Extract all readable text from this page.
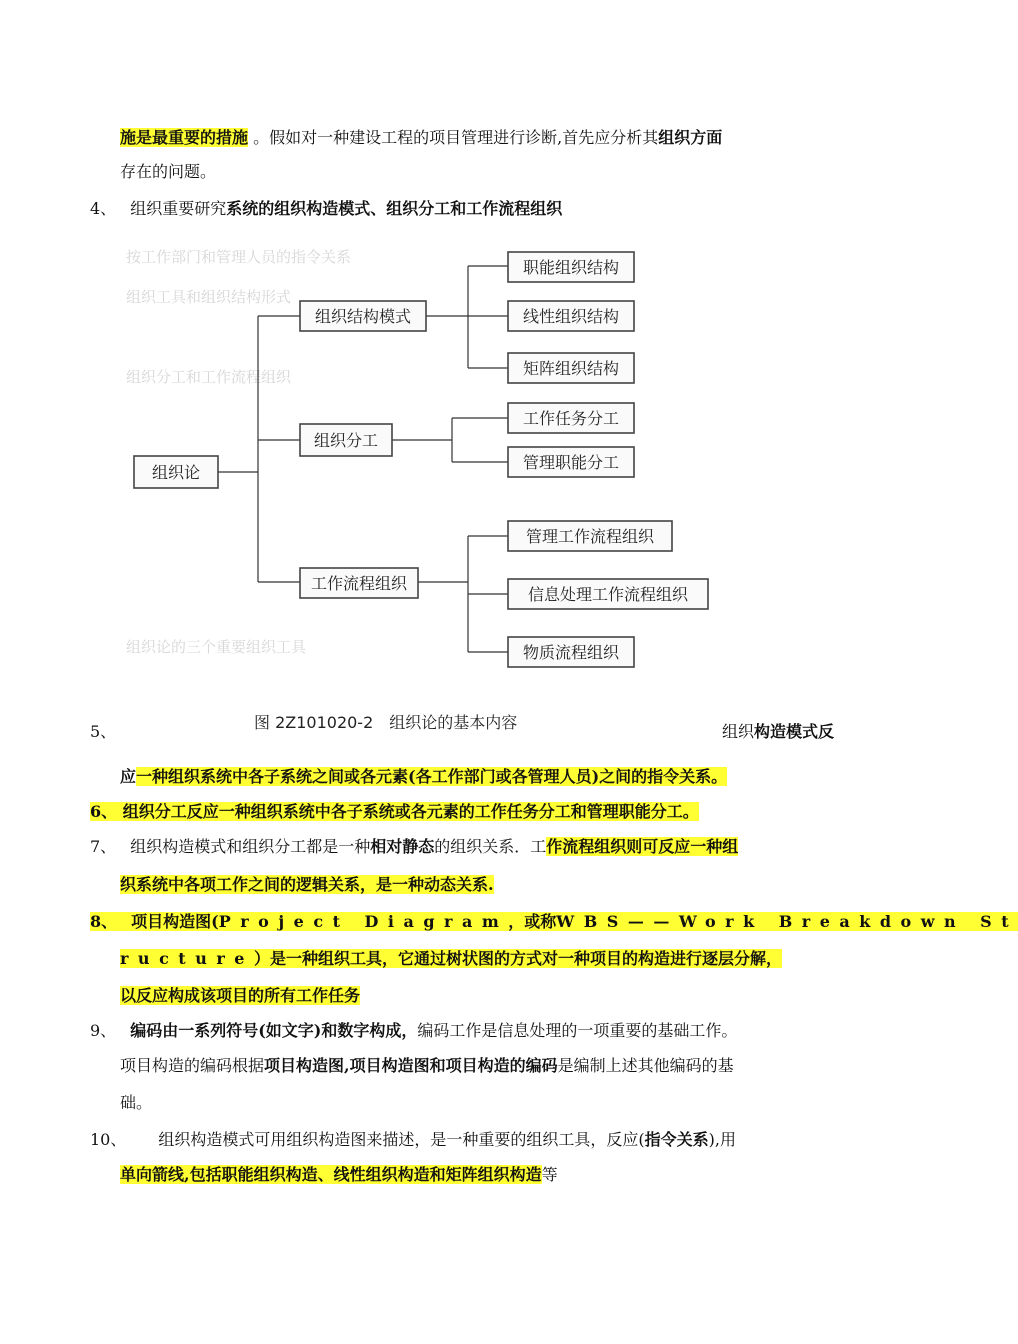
施是最重要的措施 。假如对一种建设工程的项目管理进行诊断,首先应分析其组织方面
存在的问题。
4、 组织重要研究系统的组织构造模式、组织分工和工作流程组织
按工作部门和管理人员的指令关系
组织工具和组织结构形式
组织分工和工作流程组织
组织论的三个重要组织工具
组织论
组织结构模式
组织分工
工作流程组织
职能组织结构
线性组织结构
矩阵组织结构
工作任务分工
管理职能分工
管理工作流程组织
信息处理工作流程组织
物质流程组织
图 2Z101020-2　组织论的基本内容
5、	组织构造模式反
应一种组织系统中各子系统之间或各元素(各工作部门或各管理人员)之间的指令关系。
6、 组织分工反应一种组织系统中各子系统或各元素的工作任务分工和管理职能分工。
7、 组织构造模式和组织分工都是一种相对静态的组织关系．工作流程组织则可反应一种组
织系统中各项工作之间的逻辑关系，是一种动态关系.
8、 项目构造图(Project Diagram，或称WBS——Work Breakdown St
ructure）是一种组织工具，它通过树状图的方式对一种项目的构造进行逐层分解，
以反应构成该项目的所有工作任务
9、 编码由一系列符号(如文字)和数字构成，编码工作是信息处理的一项重要的基础工作。
项目构造的编码根据项目构造图,项目构造图和项目构造的编码是编制上述其他编码的基
础。
10、 组织构造模式可用组织构造图来描述，是一种重要的组织工具，反应(指令关系),用
单向箭线,包括职能组织构造、线性组织构造和矩阵组织构造等
